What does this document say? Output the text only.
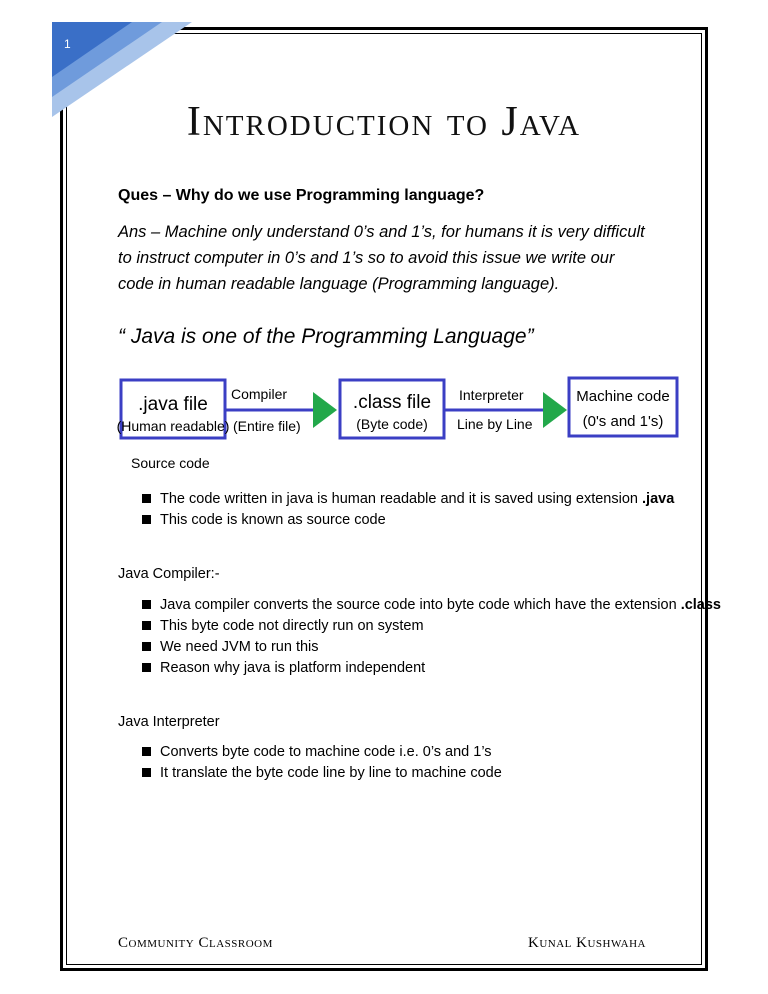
1
Introduction to Java
Ques – Why do we use Programming language?
Ans – Machine only understand 0’s and 1’s, for humans it is very difficult to instruct computer in 0’s and 1’s so to avoid this issue we write our code in human readable language (Programming language).
“ Java is one of the Programming Language”
.java file
(Human readable)
Compiler
(Entire file)
.class file
(Byte code)
Interpreter
Line by Line
Machine code
(0's and 1's)
Source code
The code written in java is human readable and it is saved using extension .java
This code is known as source code
Java Compiler:-
Java compiler converts the source code into byte code which have the extension .class
This byte code not directly run on system
We need JVM to run this
Reason why java is platform independent
Java Interpreter
Converts byte code to machine code i.e. 0’s and 1’s
It translate the byte code line by line to machine code
Community Classroom	Kunal Kushwaha
